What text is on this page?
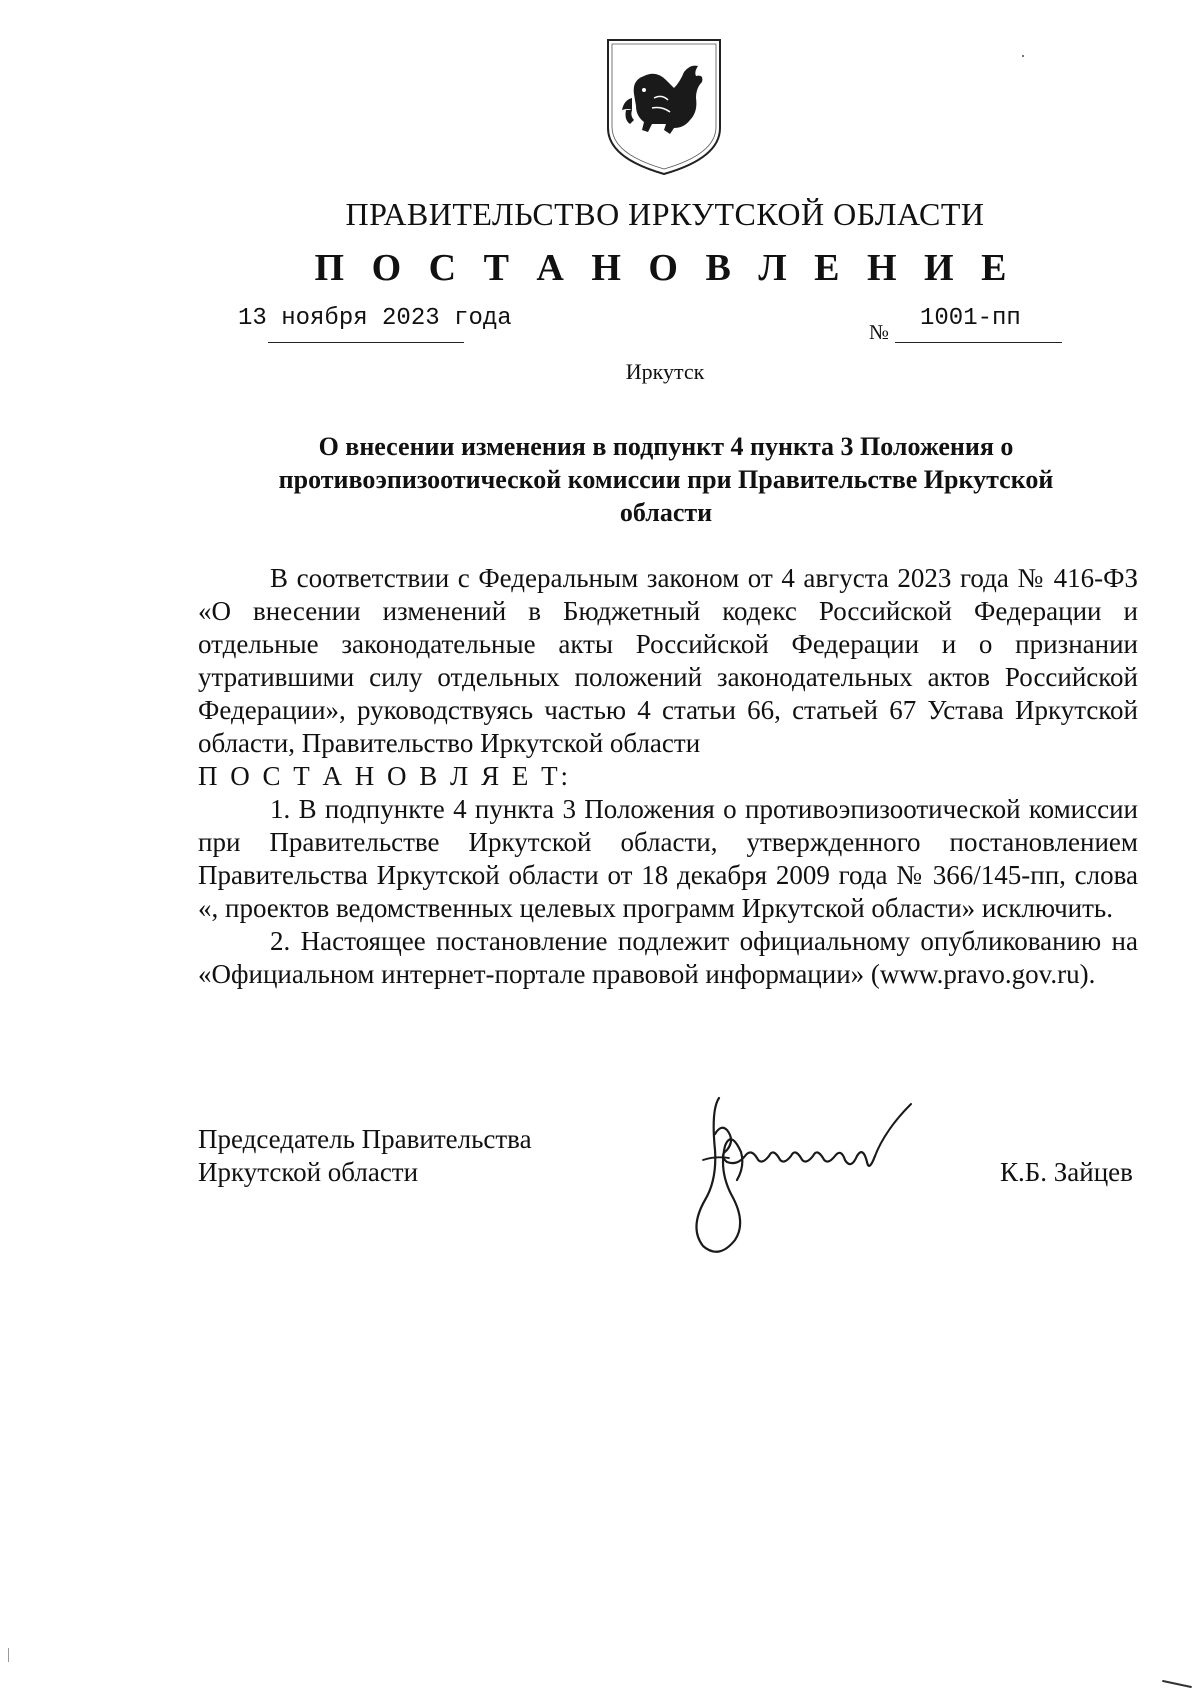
ПРАВИТЕЛЬСТВО ИРКУТСКОЙ ОБЛАСТИ
П О С Т А Н О В Л Е Н И Е
13 ноября 2023 года	№ 1001-пп
Иркутск
О внесении изменения в подпункт 4 пункта 3 Положения о противоэпизоотической комиссии при Правительстве Иркутской области

В соответствии с Федеральным законом от 4 августа 2023 года № 416-ФЗ «О внесении изменений в Бюджетный кодекс Российской Федерации и отдельные законодательные акты Российской Федерации и о признании утратившими силу отдельных положений законодательных актов Российской Федерации», руководствуясь частью 4 статьи 66, статьей 67 Устава Иркутской области, Правительство Иркутской области

П О С Т А Н О В Л Я Е Т:

1. В подпункте 4 пункта 3 Положения о противоэпизоотической комиссии при Правительстве Иркутской области, утвержденного постановлением Правительства Иркутской области от 18 декабря 2009 года № 366/145-пп, слова «, проектов ведомственных целевых программ Иркутской области» исключить.

2. Настоящее постановление подлежит официальному опубликованию на «Официальном интернет-портале правовой информации» (www.pravo.gov.ru).

Председатель Правительства
Иркутской области	К.Б. Зайцев
